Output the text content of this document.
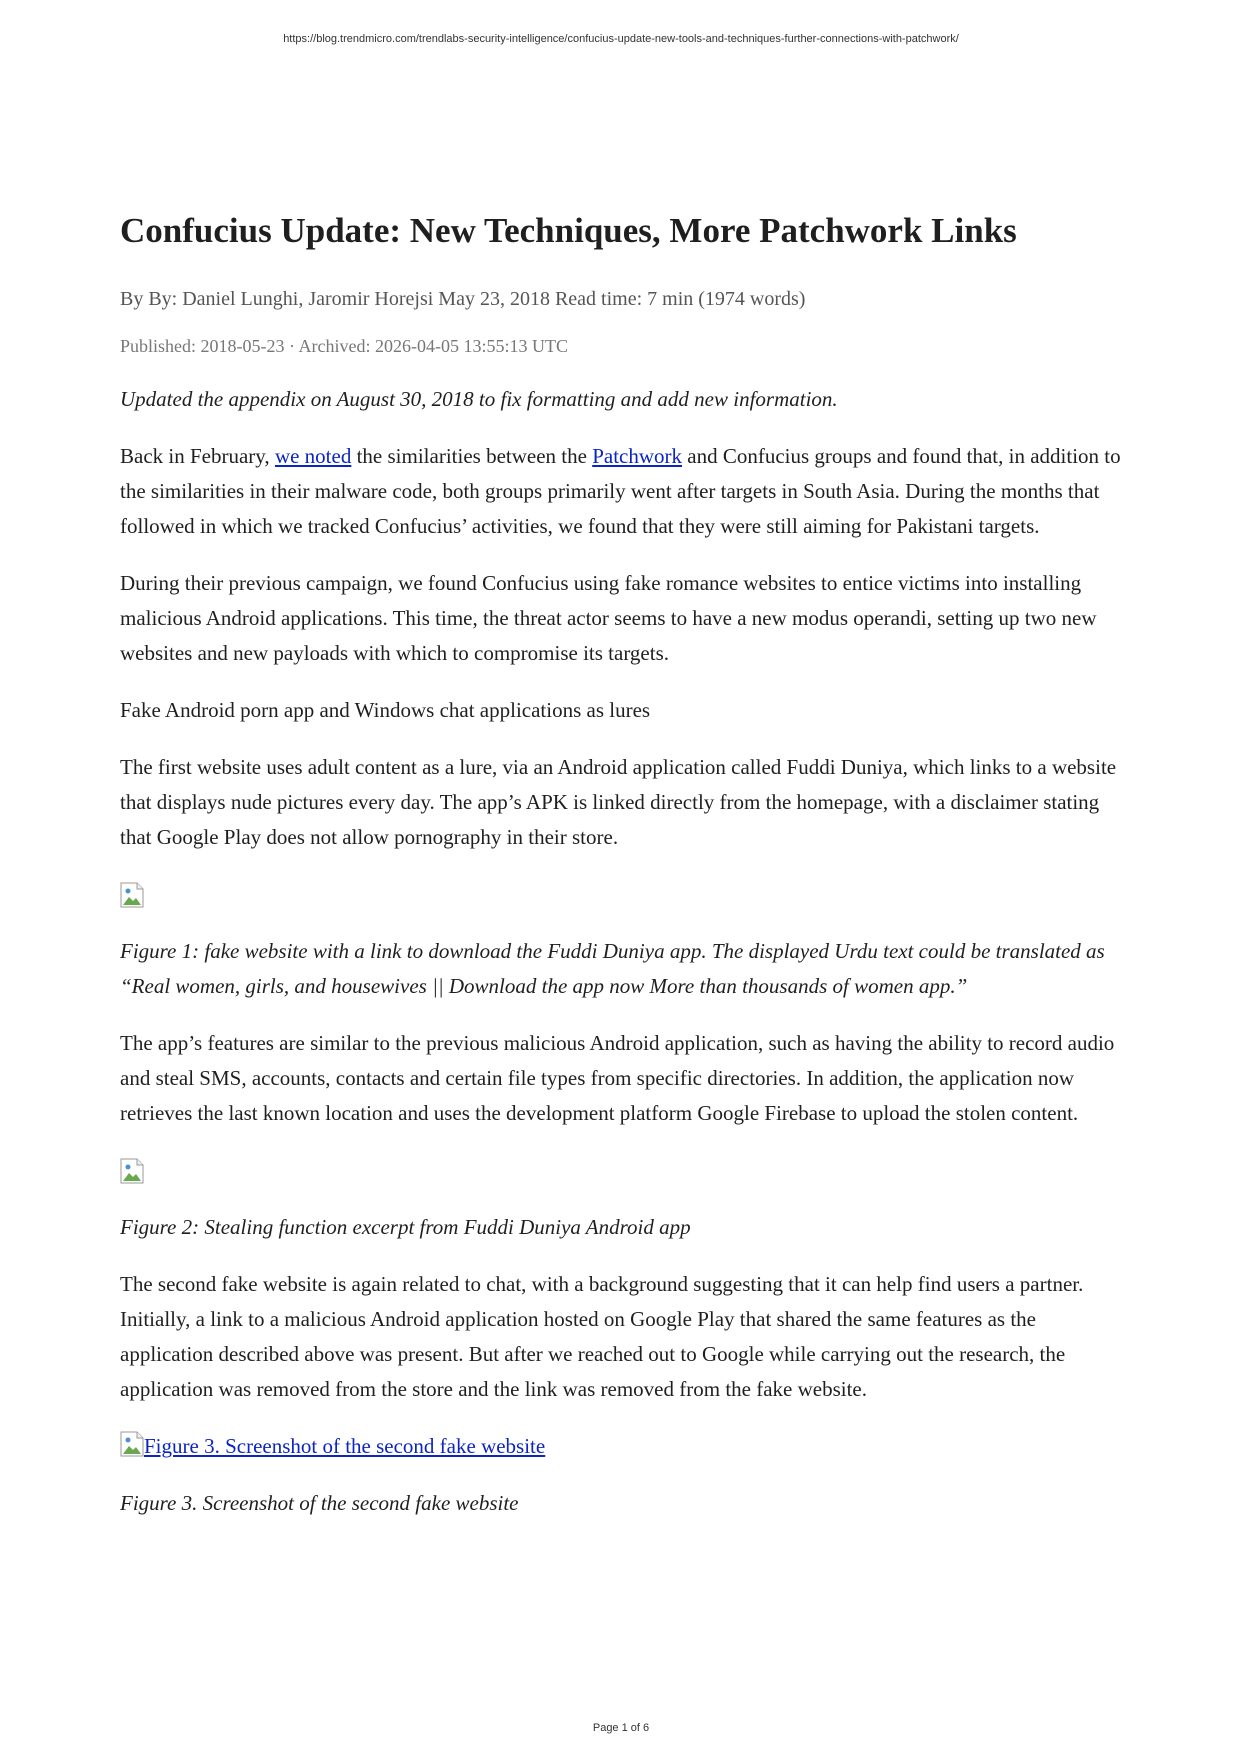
https://blog.trendmicro.com/trendlabs-security-intelligence/confucius-update-new-tools-and-techniques-further-connections-with-patchwork/
Confucius Update: New Techniques, More Patchwork Links
By By: Daniel Lunghi, Jaromir Horejsi May 23, 2018 Read time: 7 min (1974 words)
Published: 2018-05-23 · Archived: 2026-04-05 13:55:13 UTC

Updated the appendix on August 30, 2018 to fix formatting and add new information.

Back in February, we noted the similarities between the Patchwork and Confucius groups and found that, in addition to the similarities in their malware code, both groups primarily went after targets in South Asia. During the months that followed in which we tracked Confucius’ activities, we found that they were still aiming for Pakistani targets.

During their previous campaign, we found Confucius using fake romance websites to entice victims into installing malicious Android applications. This time, the threat actor seems to have a new modus operandi, setting up two new websites and new payloads with which to compromise its targets.

Fake Android porn app and Windows chat applications as lures

The first website uses adult content as a lure, via an Android application called Fuddi Duniya, which links to a website that displays nude pictures every day. The app’s APK is linked directly from the homepage, with a disclaimer stating that Google Play does not allow pornography in their store.

Figure 1: fake website with a link to download the Fuddi Duniya app. The displayed Urdu text could be translated as “Real women, girls, and housewives || Download the app now More than thousands of women app.”

The app’s features are similar to the previous malicious Android application, such as having the ability to record audio and steal SMS, accounts, contacts and certain file types from specific directories. In addition, the application now retrieves the last known location and uses the development platform Google Firebase to upload the stolen content.

Figure 2: Stealing function excerpt from Fuddi Duniya Android app

The second fake website is again related to chat, with a background suggesting that it can help find users a partner. Initially, a link to a malicious Android application hosted on Google Play that shared the same features as the application described above was present. But after we reached out to Google while carrying out the research, the application was removed from the store and the link was removed from the fake website.

Figure 3. Screenshot of the second fake website

Figure 3. Screenshot of the second fake website

Page 1 of 6
